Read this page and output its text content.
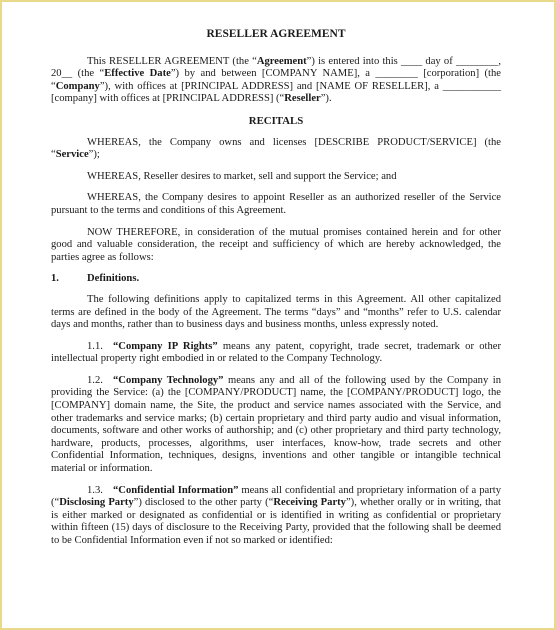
RESELLER AGREEMENT

This RESELLER AGREEMENT (the “Agreement”) is entered into this ____ day of ________, 20__ (the “Effective Date”) by and between [COMPANY NAME], a ________ [corporation] (the “Company”), with offices at [PRINCIPAL ADDRESS] and [NAME OF RESELLER], a ___________ [company] with offices at [PRINCIPAL ADDRESS] (“Reseller”).

RECITALS

WHEREAS, the Company owns and licenses [DESCRIBE PRODUCT/SERVICE] (the “Service”);

WHEREAS, Reseller desires to market, sell and support the Service; and

WHEREAS, the Company desires to appoint Reseller as an authorized reseller of the Service pursuant to the terms and conditions of this Agreement.

NOW THEREFORE, in consideration of the mutual promises contained herein and for other good and valuable consideration, the receipt and sufficiency of which are hereby acknowledged, the parties agree as follows:

1.	Definitions.

The following definitions apply to capitalized terms in this Agreement. All other capitalized terms are defined in the body of the Agreement. The terms “days” and “months” refer to U.S. calendar days and months, rather than to business days and business months, unless expressly noted.

1.1. “Company IP Rights” means any patent, copyright, trade secret, trademark or other intellectual property right embodied in or related to the Company Technology.

1.2. “Company Technology” means any and all of the following used by the Company in providing the Service: (a) the [COMPANY/PRODUCT] name, the [COMPANY/PRODUCT] logo, the [COMPANY] domain name, the Site, the product and service names associated with the Service, and other trademarks and service marks; (b) certain proprietary and third party audio and visual information, documents, software and other works of authorship; and (c) other proprietary and third party technology, hardware, products, processes, algorithms, user interfaces, know-how, trade secrets and other Confidential Information, techniques, designs, inventions and other tangible or intangible technical material or information.

1.3. “Confidential Information” means all confidential and proprietary information of a party (“Disclosing Party”) disclosed to the other party (“Receiving Party”), whether orally or in writing, that is either marked or designated as confidential or is identified in writing as confidential or proprietary within fifteen (15) days of disclosure to the Receiving Party, provided that the following shall be deemed to be Confidential Information even if not so marked or identified:
